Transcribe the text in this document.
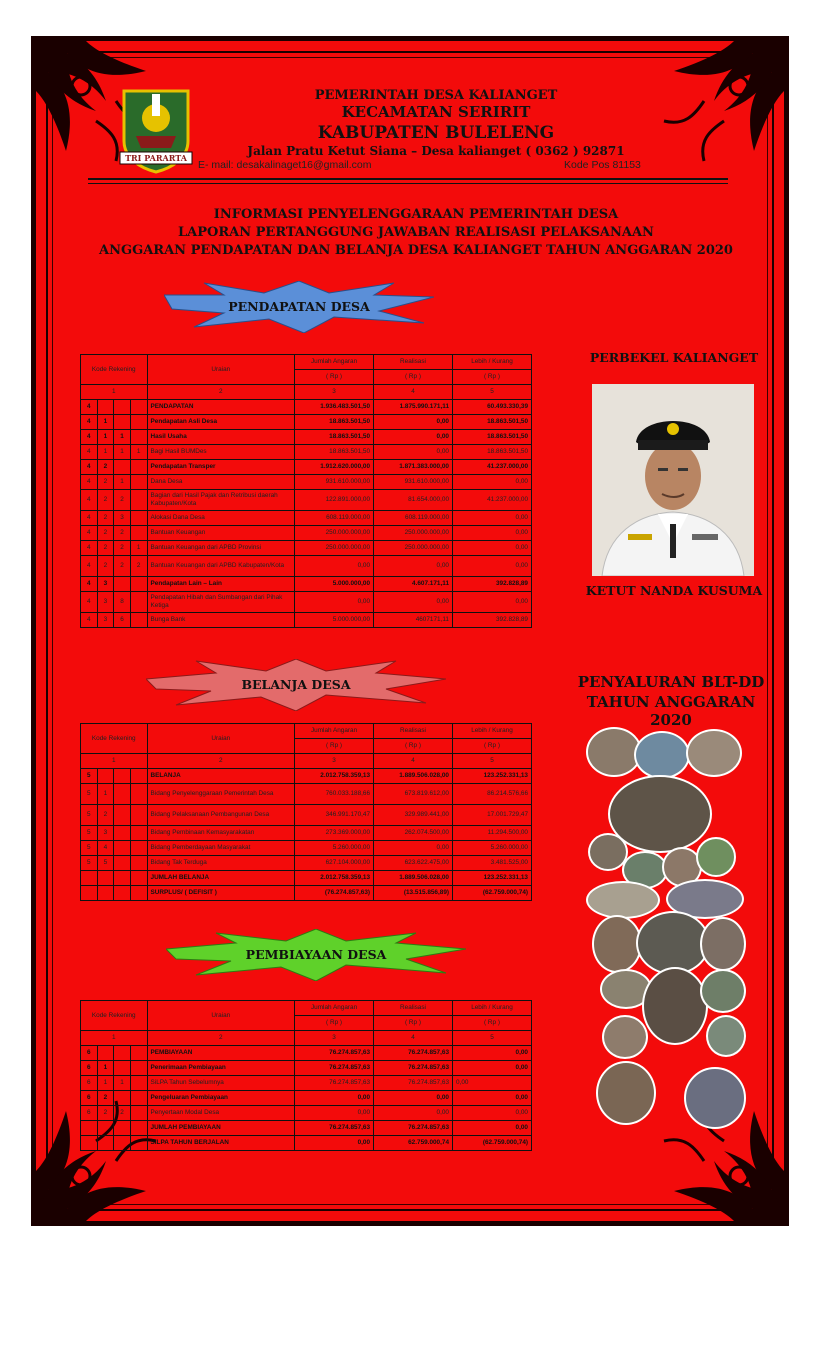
TRI PARARTA
PEMERINTAH DESA KALIANGET
KECAMATAN SERIRIT
KABUPATEN BULELENG
Jalan Pratu Ketut Siana – Desa kalianget ( 0362 ) 92871
E- mail: desakalinaget16@gmail.com	Kode Pos 81153
INFORMASI PENYELENGGARAAN PEMERINTAH DESA
LAPORAN PERTANGGUNG JAWABAN REALISASI PELAKSANAAN
ANGGARAN PENDAPATAN DAN BELANJA DESA KALIANGET TAHUN ANGGARAN 2020
PENDAPATAN DESA
Kode Rekening				Uraian	Jumlah Angaran	Realisasi	Lebih / Kurang
					( Rp )	( Rp )	( Rp )
1				2	3	4	5
4				PENDAPATAN	1.936.483.501,50	1.875.990.171,11	60.493.330,39
4	1			Pendapatan Asli Desa	18.863.501,50	0,00	18.863.501,50
4	1	1		Hasil Usaha	18.863.501,50	0,00	18.863.501,50
4	1	1	1	Bagi Hasil BUMDes	18.863.501,50	0,00	18.863.501,50
4	2			Pendapatan Transper	1.912.620.000,00	1.871.383.000,00	41.237.000,00
4	2	1		Dana Desa	931.610.000,00	931.610.000,00	0,00
4	2	2		Bagian dari Hasil Pajak dan Retribusi daerah Kabupaten/Kota	122.891.000,00	81.654.000,00	41.237.000,00
4	2	3		Alokasi Dana Desa	608.119.000,00	608.119.000,00	0,00
4	2	2		Bantuan Keuangan	250.000.000,00	250.000.000,00	0,00
4	2	2	1	Bantuan Keuangan dari APBD Provinsi	250.000.000,00	250.000.000,00	0,00
4	2	2	2	Bantuan Keuangan dari APBD Kabupaten/Kota	0,00	0,00	0,00
4	3			Pendapatan Lain – Lain	5.000.000,00	4.607.171,11	392.828,89
4	3	8		Pendapatan Hibah dan Sumbangan dari Pihak Ketiga	0,00	0,00	0,00
4	3	6		Bunga Bank	5.000.000,00	4607171,11	392.828,89
BELANJA DESA
Kode Rekening				Uraian	Jumlah Angaran	Realisasi	Lebih / Kurang
					( Rp )	( Rp )	( Rp )
1				2	3	4	5
5				BELANJA	2.012.758.359,13	1.889.506.028,00	123.252.331,13
5	1			Bidang Penyelenggaraan Pemerintah Desa	760.033.188,66	673.819.612,00	86.214.576,66
5	2			Bidang Pelaksanaan Pembangunan Desa	346.991.170,47	329.989.441,00	17.001.729,47
5	3			Bidang Pembinaan Kemasyarakatan	273.369.000,00	262.074.500,00	11.294.500,00
5	4			Bidang Pemberdayaan Masyarakat	5.260.000,00	0,00	5.260.000,00
5	5			Bidang Tak Terduga	627.104.000,00	623.622.475,00	3.481.525,00
				JUMLAH BELANJA	2.012.758.359,13	1.889.506.028,00	123.252.331,13
				SURPLUS/ ( DEFISIT )	(76.274.857,63)	(13.515.856,89)	(62.759.000,74)
PEMBIAYAAN DESA
Kode Rekening				Uraian	Jumlah Angaran	Realisasi	Lebih / Kurang
					( Rp )	( Rp )	( Rp )
1				2	3	4	5
6				PEMBIAYAAN	76.274.857,63	76.274.857,63	0,00
6	1			Penerimaan Pembiayaan	76.274.857,63	76.274.857,63	0,00
6	1	1		SiLPA Tahun Sebelumnya	76.274.857,63	76.274.857,63	0,00
6	2			Pengeluaran Pembiayaan	0,00	0,00	0,00
6	2	2		Penyertaan Modal Desa	0,00	0,00	0,00
				JUMLAH PEMBIAYAAN	76.274.857,63	76.274.857,63	0,00
				SILPA TAHUN BERJALAN	0,00	62.759.000,74	(62.759.000,74)
PERBEKEL KALIANGET
KETUT NANDA KUSUMA
PENYALURAN BLT-DD
TAHUN ANGGARAN 2020
